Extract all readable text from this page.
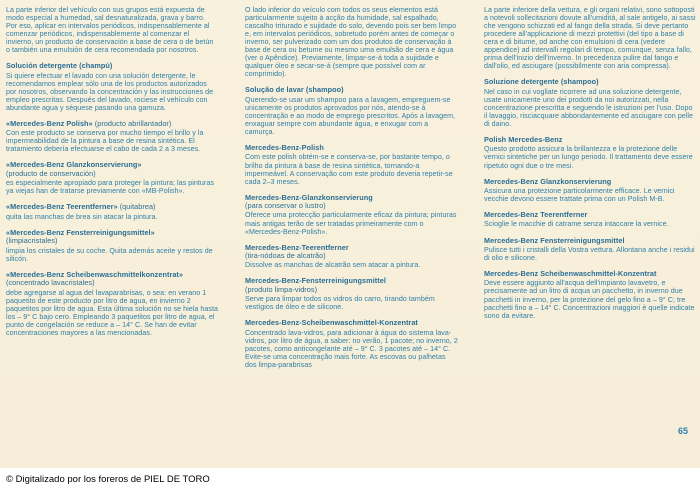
La parte inferior del vehículo con sus grupos está expuesta de modo especial a humedad, sal desnaturalizada, grava y barro. Por eso, aplicar en intervalos periódicos, indispensablemente al comenzar periódicos, indispensablemente al comenzar el invierno, un producto de conservación a base de cera o de betún o también una emulsión de cera recomendada por nosotros.

Solución detergente (champú)

Si quiere efectuar el lavado con una solución detergente, le recomendamos emplear sólo una de los productos autorizados por nosotros, observando la concentración y las instrucciones de empleo prescritas. Después del lavado, rociese el vehículo con abundante agua y séquese pasando una gamuza.

«Mercedes-Benz Polish» (producto abrillantador)

Con este producto se conserva por mucho tiempo el brillo y la impermeabilidad de la pintura a base de resina sintética. El tratamiento debería efectuarse el cabo de cada 2 a 3 meses.

«Mercedes-Benz Glanzkonservierung»
(producto de conservación)

es especialmente apropiado para proteger la pintura; las pinturas ya viejas han de tratarse previamente con «MB-Polish».

«Mercedes-Benz Teerentferner» (quitabrea)

quita las manchas de brea sin atacar la pintura.

«Mercedes-Benz Fensterreinigungsmittel»
(limpiacristales)

limpia los cristales de su coche. Quita además aceite y restos de silicón.

«Mercedes-Benz Scheibenwaschmittelkonzentrat»
(concentrado lavacristales)

debe agregarse al agua del lavaparabrisas, o sea: en verano 1 paquetito de este producto por litro de agua, en invierno 2 paquetitos por litro de agua. Esta última solución no se hiela hasta los – 9° C bajo cero. Empleando 3 paquetitos por litro de agua, el punto de congelación se reduce a – 14° C. Se han de evitar concentraciones mayores a las mencionadas.

O lado inferior do veículo com todos os seus elementos está particularmente sujeito à acção da humidade, sal espalhado, cascalho triturado e sujidade do solo, devendo pois ser bem limpo e, em intervalos periódicos, sobretudo porém antes de começar o inverno, ser pulverizado com um dos produtos de conservação à base de cera ou betume ou mesmo uma emulsão de cera e água (ver o Apêndice). Previamente, limpar-se-á toda a sujidade e qualquer óleo e secar-se-á (sempre que possível com ar comprimido).

Solução de lavar (shampoo)

Querendo-se usar um shampoo para a lavagem, empreguem-se unicamente os produtos aprovados por nós, atendo-se à concentração e ao modo de emprego prescritos. Após a lavagem, enxaguar sempre com abundante água, e enxugar com a camurça.

Mercedes-Benz-Polish

Com este polish obtém-se e conserva-se, por bastante tempo, o brilho da pintura à base de resina sintética, tornando-a impermeável. A conservação com este produto deveria repetir-se cada 2–3 meses.

Mercedes-Benz-Glanzkonservierung
(para conservar o lustro)

Oferece uma protecção particularmente eficaz da pintura; pinturas mais antigas terão de ser tratadas primeiramente com o «Mercedes-Benz-Polish».

Mercedes-Benz-Teerentferner
(tira-nódoas de alcatrão)

Dissolve as manchas de alcatrão sem atacar a pintura.

Mercedes-Benz-Fensterreinigungsmittel
(produto limpa-vidros)

Serve para limpar todos os vidros do carro, tirando também vestígios de óleo e de silicone.

Mercedes-Benz-Scheibenwaschmittel-Konzentrat

Concentrado lava-vidros, para adicionar à água do sistema lava-vidros, por litro de água, a saber: no verão, 1 pacote; no inverno, 2 pacotes, como anticongelante até – 9° C. 3 pacotes até – 14° C. Evite-se uma concentração mais forte. As escovas ou palhetas dos limpa-parabrisas

La parte inferiore della vettura, e gli organi relativi, sono sottoposti a notevoli sollecitazioni dovute all'umidità, al sale antigelo, ai sassi che vengono schizzati ed al fango della strada. Si deve pertanto procedere all'applicazione di mezzi protettivi (del tipo a base di cera e di bitume, od anche con emulsioni di cera (vedere appendice) ad intervalli regolari di tempo, comunque, senza fallo, prima dell'inizio dell'inverno. In precedenza pulire dal fango e dall'olio, ed asciugare (possibilmente con aria compressa).

Soluzione detergente (shampoo)

Nel caso in cui vogliate ricorrere ad una soluzione detergente, usate unicamente uno dei prodotti da noi autorizzati, nella concentrazione prescritta e seguendo le istruzioni per l'uso. Dopo il lavaggio, risciacquare abbondantemente ed asciugare con pelle di daino.

Polish Mercedes-Benz

Questo prodotto assicura la brillantezza e la protezione delle vernici sintetiche per un lungo periodo. Il trattamento deve essere ripetuto ogni due o tre mesi.

Mercedes-Benz Glanzkonservierung

Assicura una protezione particolarmente efficace. Le vernici vecchie devono essere trattate prima con un Polish M-B.

Mercedes-Benz Teerentferner

Scioglie le macchie di catrame senza intaccare la vernice.

Mercedes-Benz Fensterreinigungsmittel

Pulisce tutti i cristalli della Vostra vettura. Allontana anche i residui di olio e silicone.

Mercedes-Benz Scheibenwaschmittel-Konzentrat

Deve essere aggiunto all'acqua dell'impianto lavavetro, e precisamente ad un litro di acqua un pacchetto, in inverno due pacchetti in inverno, per la protezione del gelo fino a – 9° C; tre pacchetti fino a – 14° C. Concentrazioni maggiori è quelle indicate sono da evitare.

65
© Digitalizado por los foreros de PIEL DE TORO
